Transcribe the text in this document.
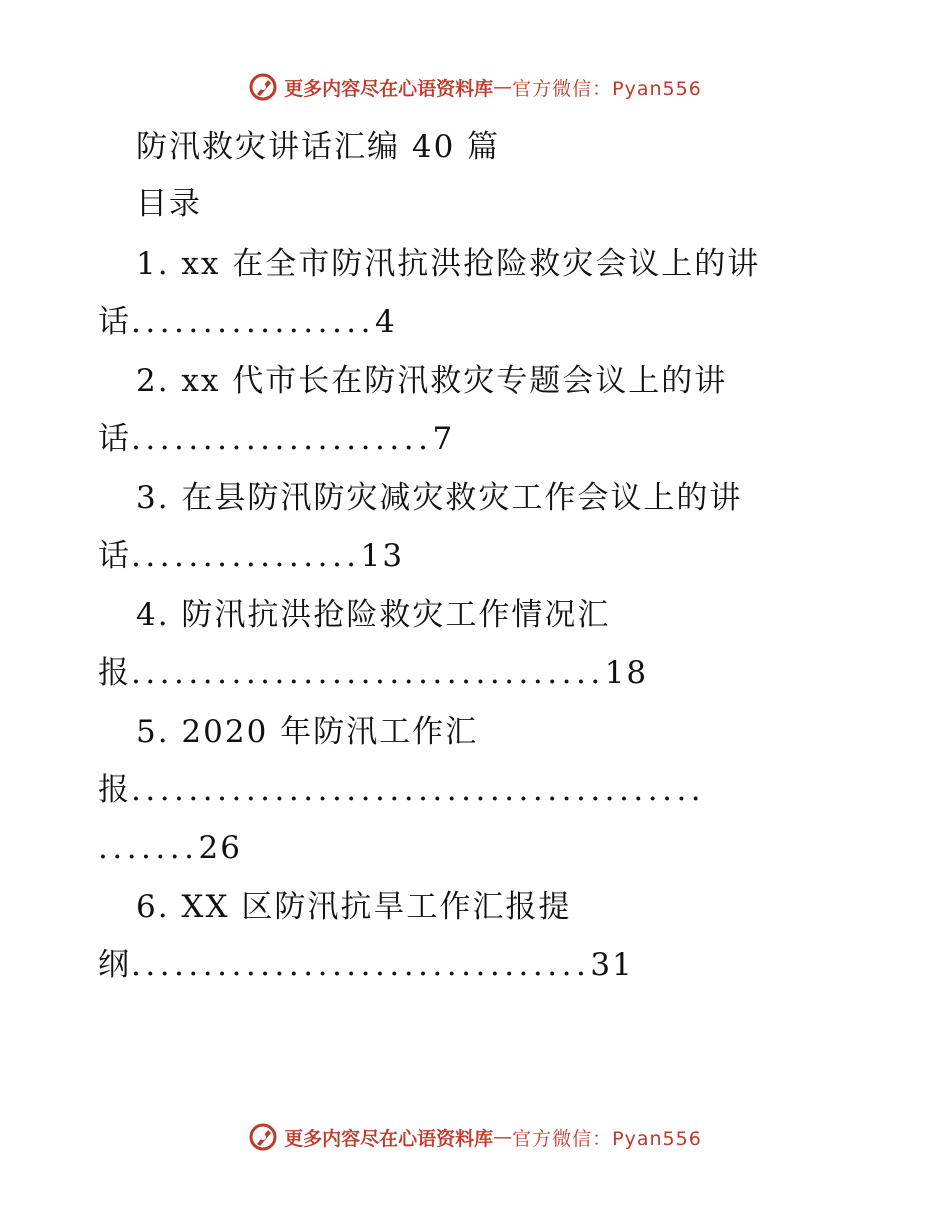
更多内容尽在心语资料库 — 官方微信：Pyan556
防汛救灾讲话汇编 40 篇
目录
1. xx 在全市防汛抗洪抢险救灾会议上的讲
话.................4
2. xx 代市长在防汛救灾专题会议上的讲
话.....................7
3. 在县防汛防灾减灾救灾工作会议上的讲
话................13
4. 防汛抗洪抢险救灾工作情况汇
报.................................18
5. 2020 年防汛工作汇
报........................................
.......26
6. XX 区防汛抗旱工作汇报提
纲................................31
更多内容尽在心语资料库 — 官方微信：Pyan556
